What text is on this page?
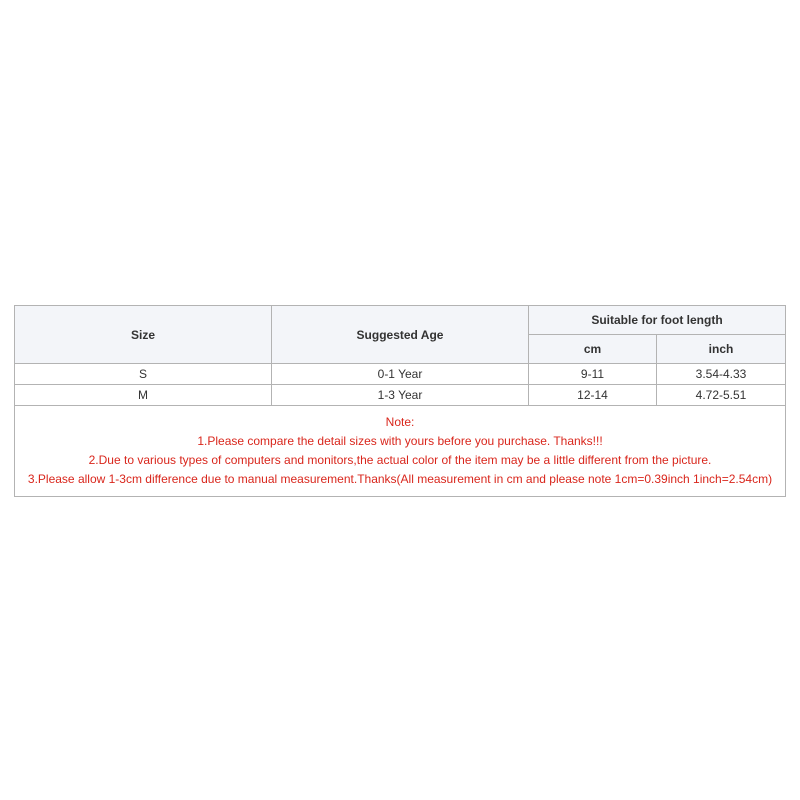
Size	Suggested Age	Suitable for foot length	
		cm	inch
S	0-1 Year	9-11	3.54-4.33
M	1-3 Year	12-14	4.72-5.51

Note:
1.Please compare the detail sizes with yours before you purchase. Thanks!!!
2.Due to various types of computers and monitors,the actual color of the item may be a little different from the picture.
3.Please allow 1-3cm difference due to manual measurement.Thanks(All measurement in cm and please note 1cm=0.39inch 1inch=2.54cm)			
